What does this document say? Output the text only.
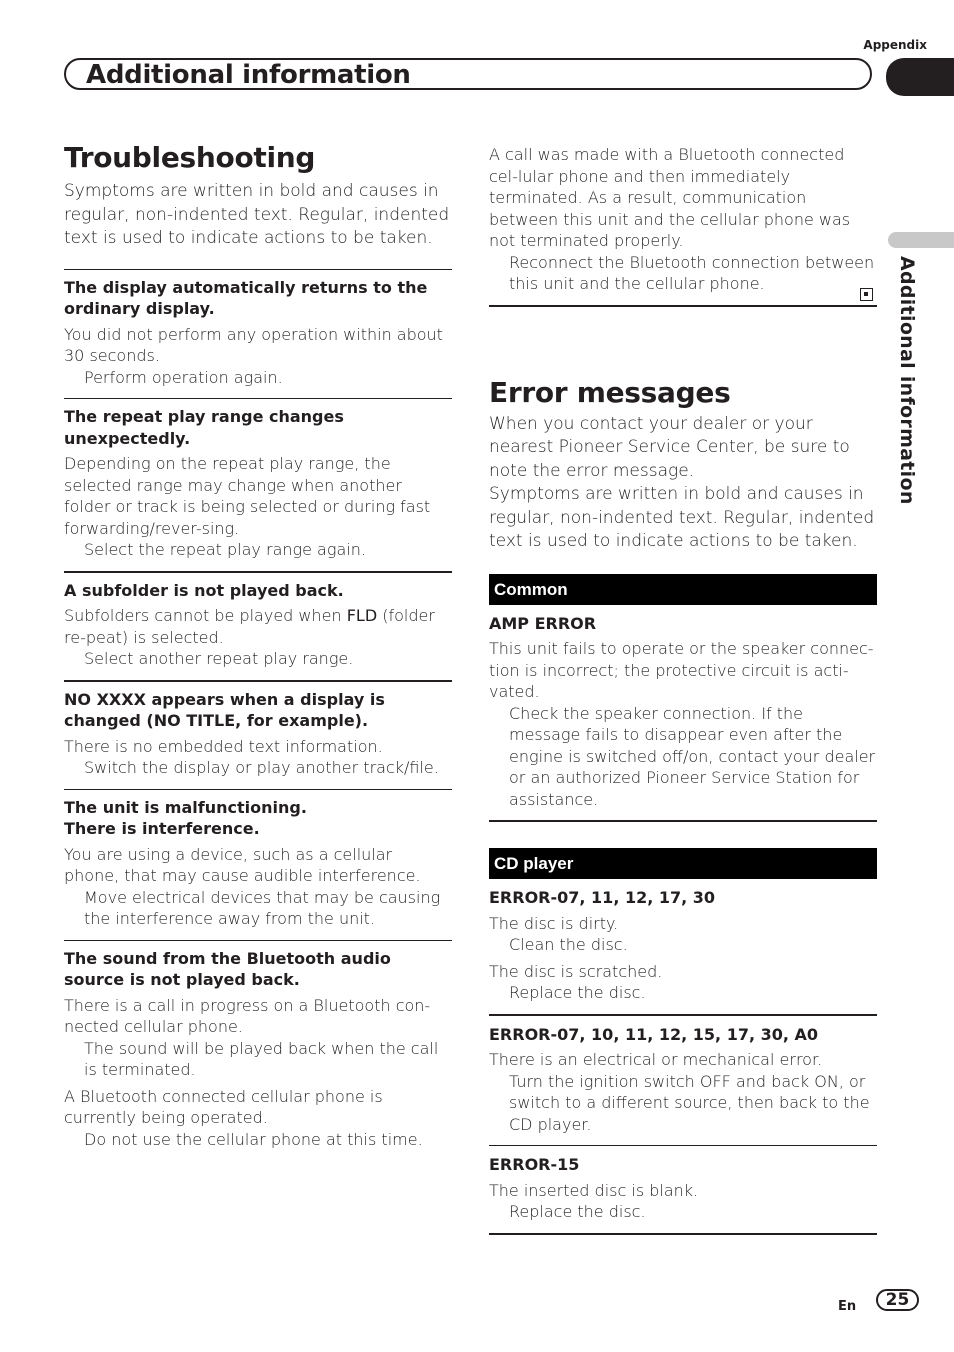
Appendix
Additional information
Additional information
Troubleshooting

Symptoms are written in bold and causes in regular, non-indented text. Regular, indented text is used to indicate actions to be taken.

The display automatically returns to the ordinary display.

You did not perform any operation within about 30 seconds.

Perform operation again.

The repeat play range changes unexpectedly.

Depending on the repeat play range, the selected range may change when another folder or track is being selected or during fast forwarding/rever-sing.

Select the repeat play range again.

A subfolder is not played back.

Subfolders cannot be played when FLD (folder re-peat) is selected.

Select another repeat play range.

NO XXXX appears when a display is changed (NO TITLE, for example).

There is no embedded text information.

Switch the display or play another track/file.

The unit is malfunctioning.

There is interference.

You are using a device, such as a cellular phone, that may cause audible interference.

Move electrical devices that may be causing the interference away from the unit.

The sound from the Bluetooth audio source is not played back.

There is a call in progress on a Bluetooth con-nected cellular phone.

The sound will be played back when the call is terminated.

A Bluetooth connected cellular phone is currently being operated.

Do not use the cellular phone at this time.

A call was made with a Bluetooth connected cel-lular phone and then immediately terminated. As a result, communication between this unit and the cellular phone was not terminated properly.

Reconnect the Bluetooth connection between this unit and the cellular phone.

Error messages

When you contact your dealer or your nearest Pioneer Service Center, be sure to note the error message.

Symptoms are written in bold and causes in regular, non-indented text. Regular, indented text is used to indicate actions to be taken.

Common

AMP ERROR

This unit fails to operate or the speaker connec-tion is incorrect; the protective circuit is acti-vated.

Check the speaker connection. If the message fails to disappear even after the engine is switched off/on, contact your dealer or an authorized Pioneer Service Station for assistance.

CD player

ERROR-07, 11, 12, 17, 30

The disc is dirty.

Clean the disc.

The disc is scratched.

Replace the disc.

ERROR-07, 10, 11, 12, 15, 17, 30, A0

There is an electrical or mechanical error.

Turn the ignition switch OFF and back ON, or switch to a different source, then back to the CD player.

ERROR-15

The inserted disc is blank.

Replace the disc.

En	25
